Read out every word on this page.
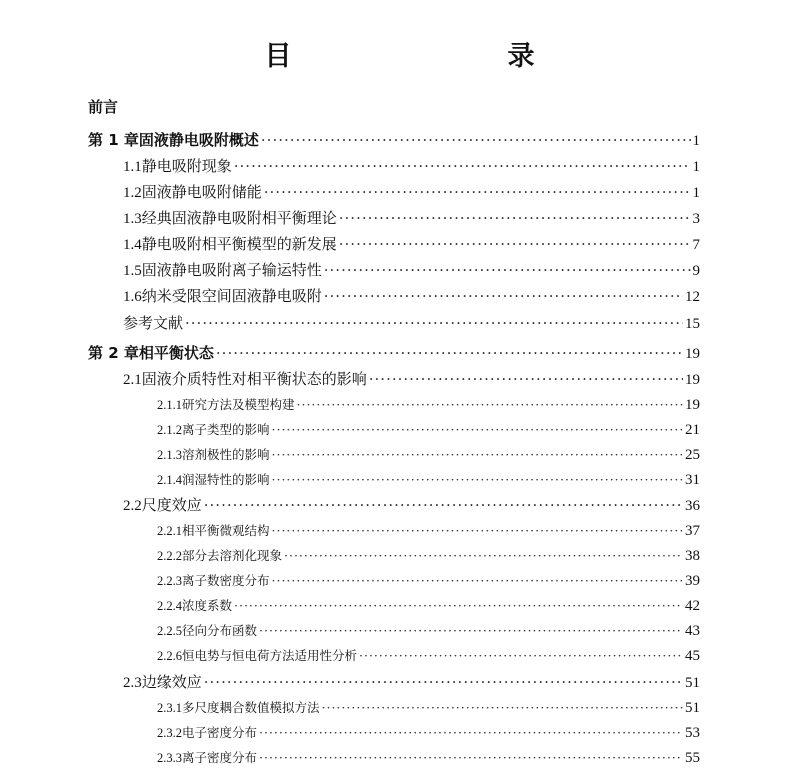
目　　录
前言
第 1 章 固液静电吸附概述 ·····	1
1.1 静电吸附现象 ·····	1
1.2 固液静电吸附储能 ·····	1
1.3 经典固液静电吸附相平衡理论 ·····	3
1.4 静电吸附相平衡模型的新发展 ·····	7
1.5 固液静电吸附离子输运特性 ·····	9
1.6 纳米受限空间固液静电吸附 ·····	12
参考文献 ·····	15
第 2 章 相平衡状态 ·····	19
2.1 固液介质特性对相平衡状态的影响 ·····	19
2.1.1 研究方法及模型构建 ·····	19
2.1.2 离子类型的影响 ·····	21
2.1.3 溶剂极性的影响 ·····	25
2.1.4 润湿特性的影响 ·····	31
2.2 尺度效应 ·····	36
2.2.1 相平衡微观结构 ·····	37
2.2.2 部分去溶剂化现象 ·····	38
2.2.3 离子数密度分布 ·····	39
2.2.4 浓度系数 ·····	42
2.2.5 径向分布函数 ·····	43
2.2.6 恒电势与恒电荷方法适用性分析 ·····	45
2.3 边缘效应 ·····	51
2.3.1 多尺度耦合数值模拟方法 ·····	51
2.3.2 电子密度分布 ·····	53
2.3.3 离子密度分布 ·····	55
